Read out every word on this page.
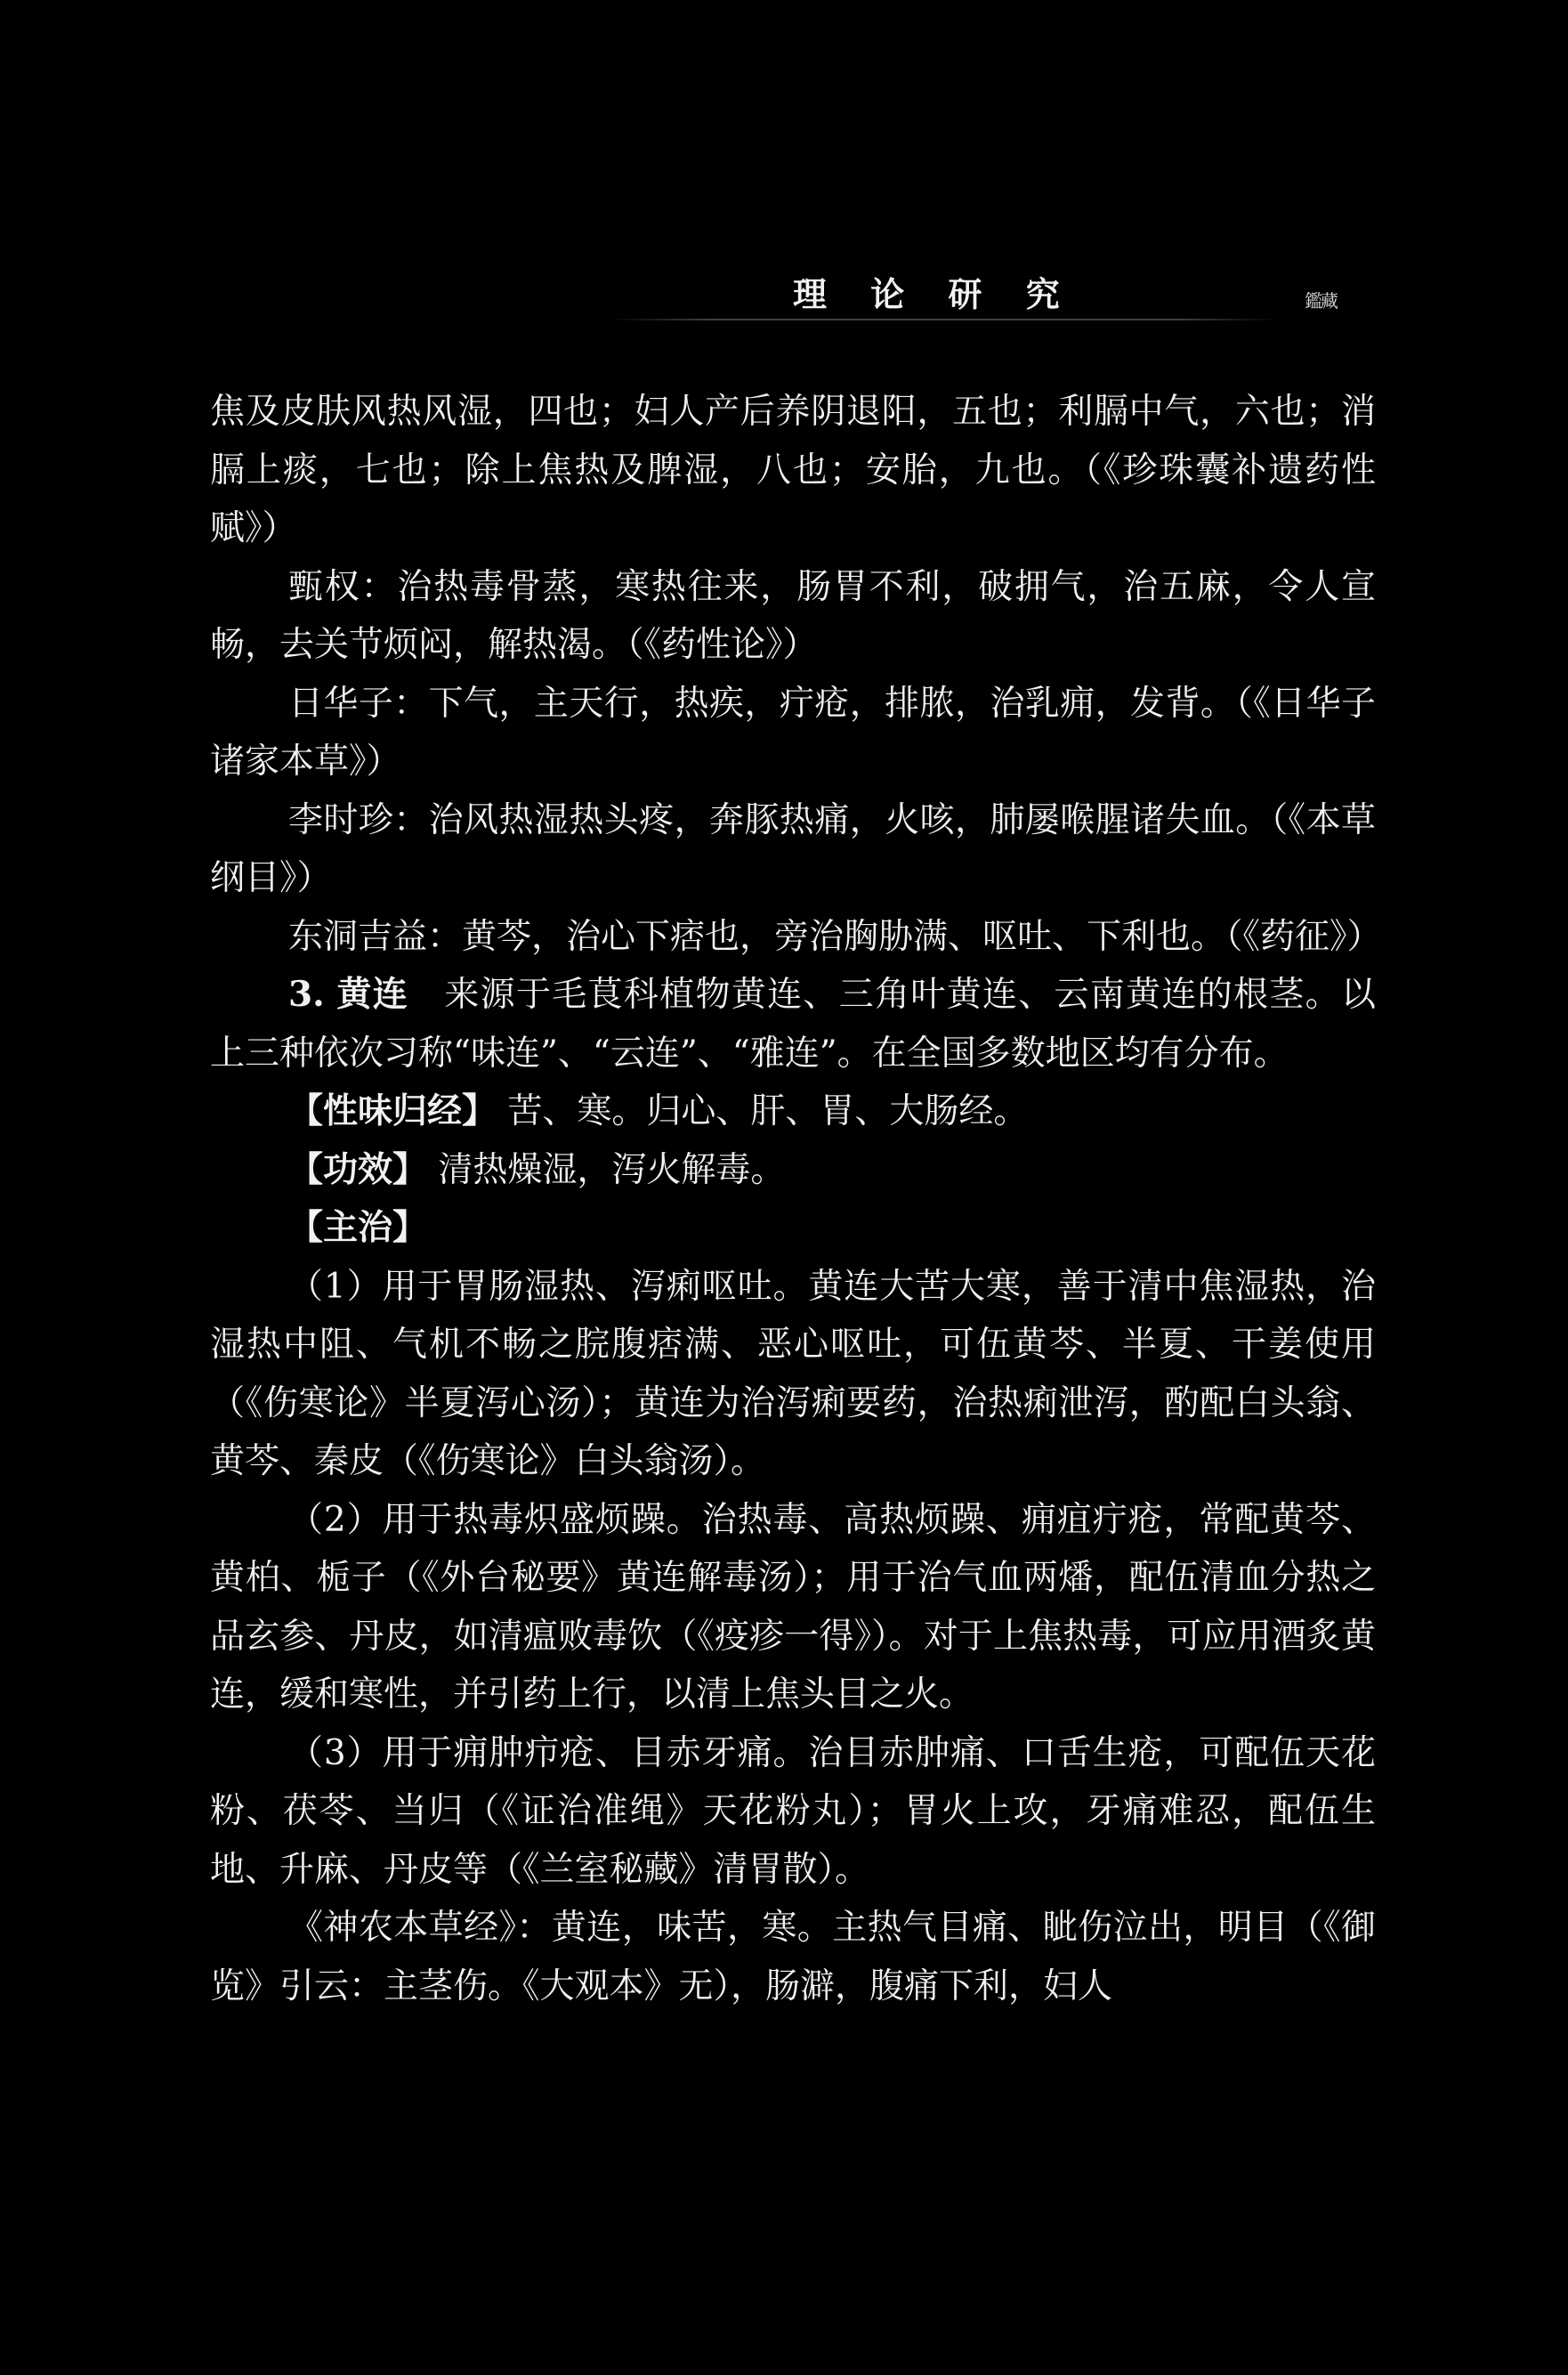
理 论 研 究	鑑藏

焦及皮肤风热风湿，四也；妇人产后养阴退阳，五也；利膈中气，六也；消膈上痰，七也；除上焦热及脾湿，八也；安胎，九也。（《珍珠囊补遗药性赋》）

甄权：治热毒骨蒸，寒热往来，肠胃不利，破拥气，治五麻，令人宣畅，去关节烦闷，解热渴。（《药性论》）

日华子：下气，主天行，热疾，疔疮，排脓，治乳痈，发背。（《日华子诸家本草》）

李时珍：治风热湿热头疼，奔豚热痛，火咳，肺屡喉腥诸失血。（《本草纲目》）

东洞吉益：黄芩，治心下痞也，旁治胸胁满、呕吐、下利也。（《药征》）

3. 黄连　 来源于毛茛科植物黄连、三角叶黄连、云南黄连的根茎。以上三种依次习称“味连”、“云连”、“雅连”。在全国多数地区均有分布。

【性味归经】 苦、寒。归心、肝、胃、大肠经。

【功效】 清热燥湿，泻火解毒。

【主治】

（1）用于胃肠湿热、泻痢呕吐。黄连大苦大寒，善于清中焦湿热，治湿热中阻、气机不畅之脘腹痞满、恶心呕吐，可伍黄芩、半夏、干姜使用（《伤寒论》半夏泻心汤）；黄连为治泻痢要药，治热痢泄泻，酌配白头翁、黄芩、秦皮（《伤寒论》白头翁汤）。

（2）用于热毒炽盛烦躁。治热毒、高热烦躁、痈疽疔疮，常配黄芩、黄柏、栀子（《外台秘要》黄连解毒汤）；用于治气血两燔，配伍清血分热之品玄参、丹皮，如清瘟败毒饮（《疫疹一得》）。对于上焦热毒，可应用酒炙黄连，缓和寒性，并引药上行，以清上焦头目之火。

（3）用于痈肿疖疮、目赤牙痛。治目赤肿痛、口舌生疮，可配伍天花粉、茯苓、当归（《证治准绳》天花粉丸）；胃火上攻，牙痛难忍，配伍生地、升麻、丹皮等（《兰室秘藏》清胃散）。

《神农本草经》：黄连，味苦，寒。主热气目痛、眦伤泣出，明目（《御览》引云：主茎伤。《大观本》无），肠澼，腹痛下利，妇人
